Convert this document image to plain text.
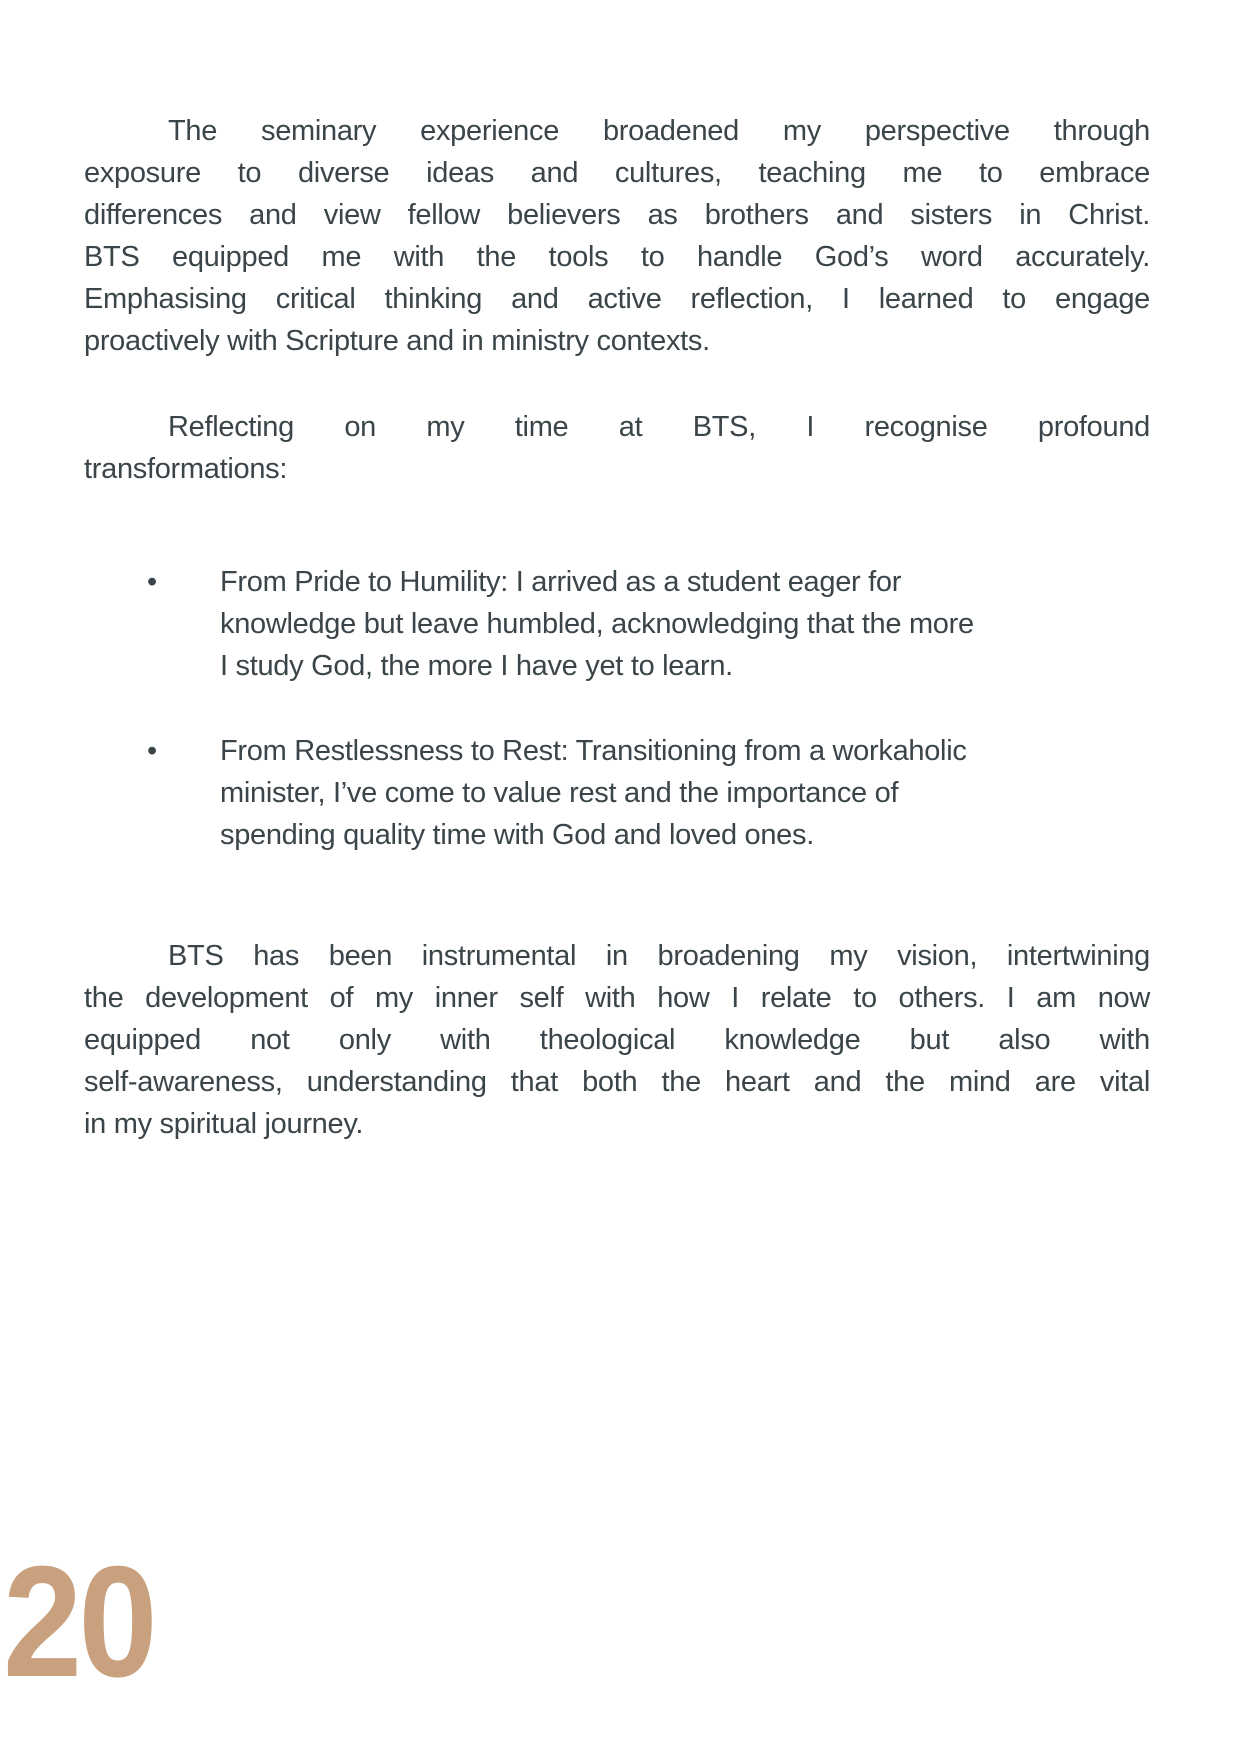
The seminary experience broadened my perspective through
exposure to diverse ideas and cultures, teaching me to embrace
differences and view fellow believers as brothers and sisters in Christ.
BTS equipped me with the tools to handle God’s word accurately.
Emphasising critical thinking and active reflection, I learned to engage
proactively with Scripture and in ministry contexts.
Reflecting on my time at BTS, I recognise profound
transformations:
• From Pride to Humility: I arrived as a student eager for
knowledge but leave humbled, acknowledging that the more
I study God, the more I have yet to learn.
• From Restlessness to Rest: Transitioning from a workaholic
minister, I’ve come to value rest and the importance of
spending quality time with God and loved ones.
BTS has been instrumental in broadening my vision, intertwining
the development of my inner self with how I relate to others. I am now
equipped not only with theological knowledge but also with
self-awareness, understanding that both the heart and the mind are vital
in my spiritual journey.
20
